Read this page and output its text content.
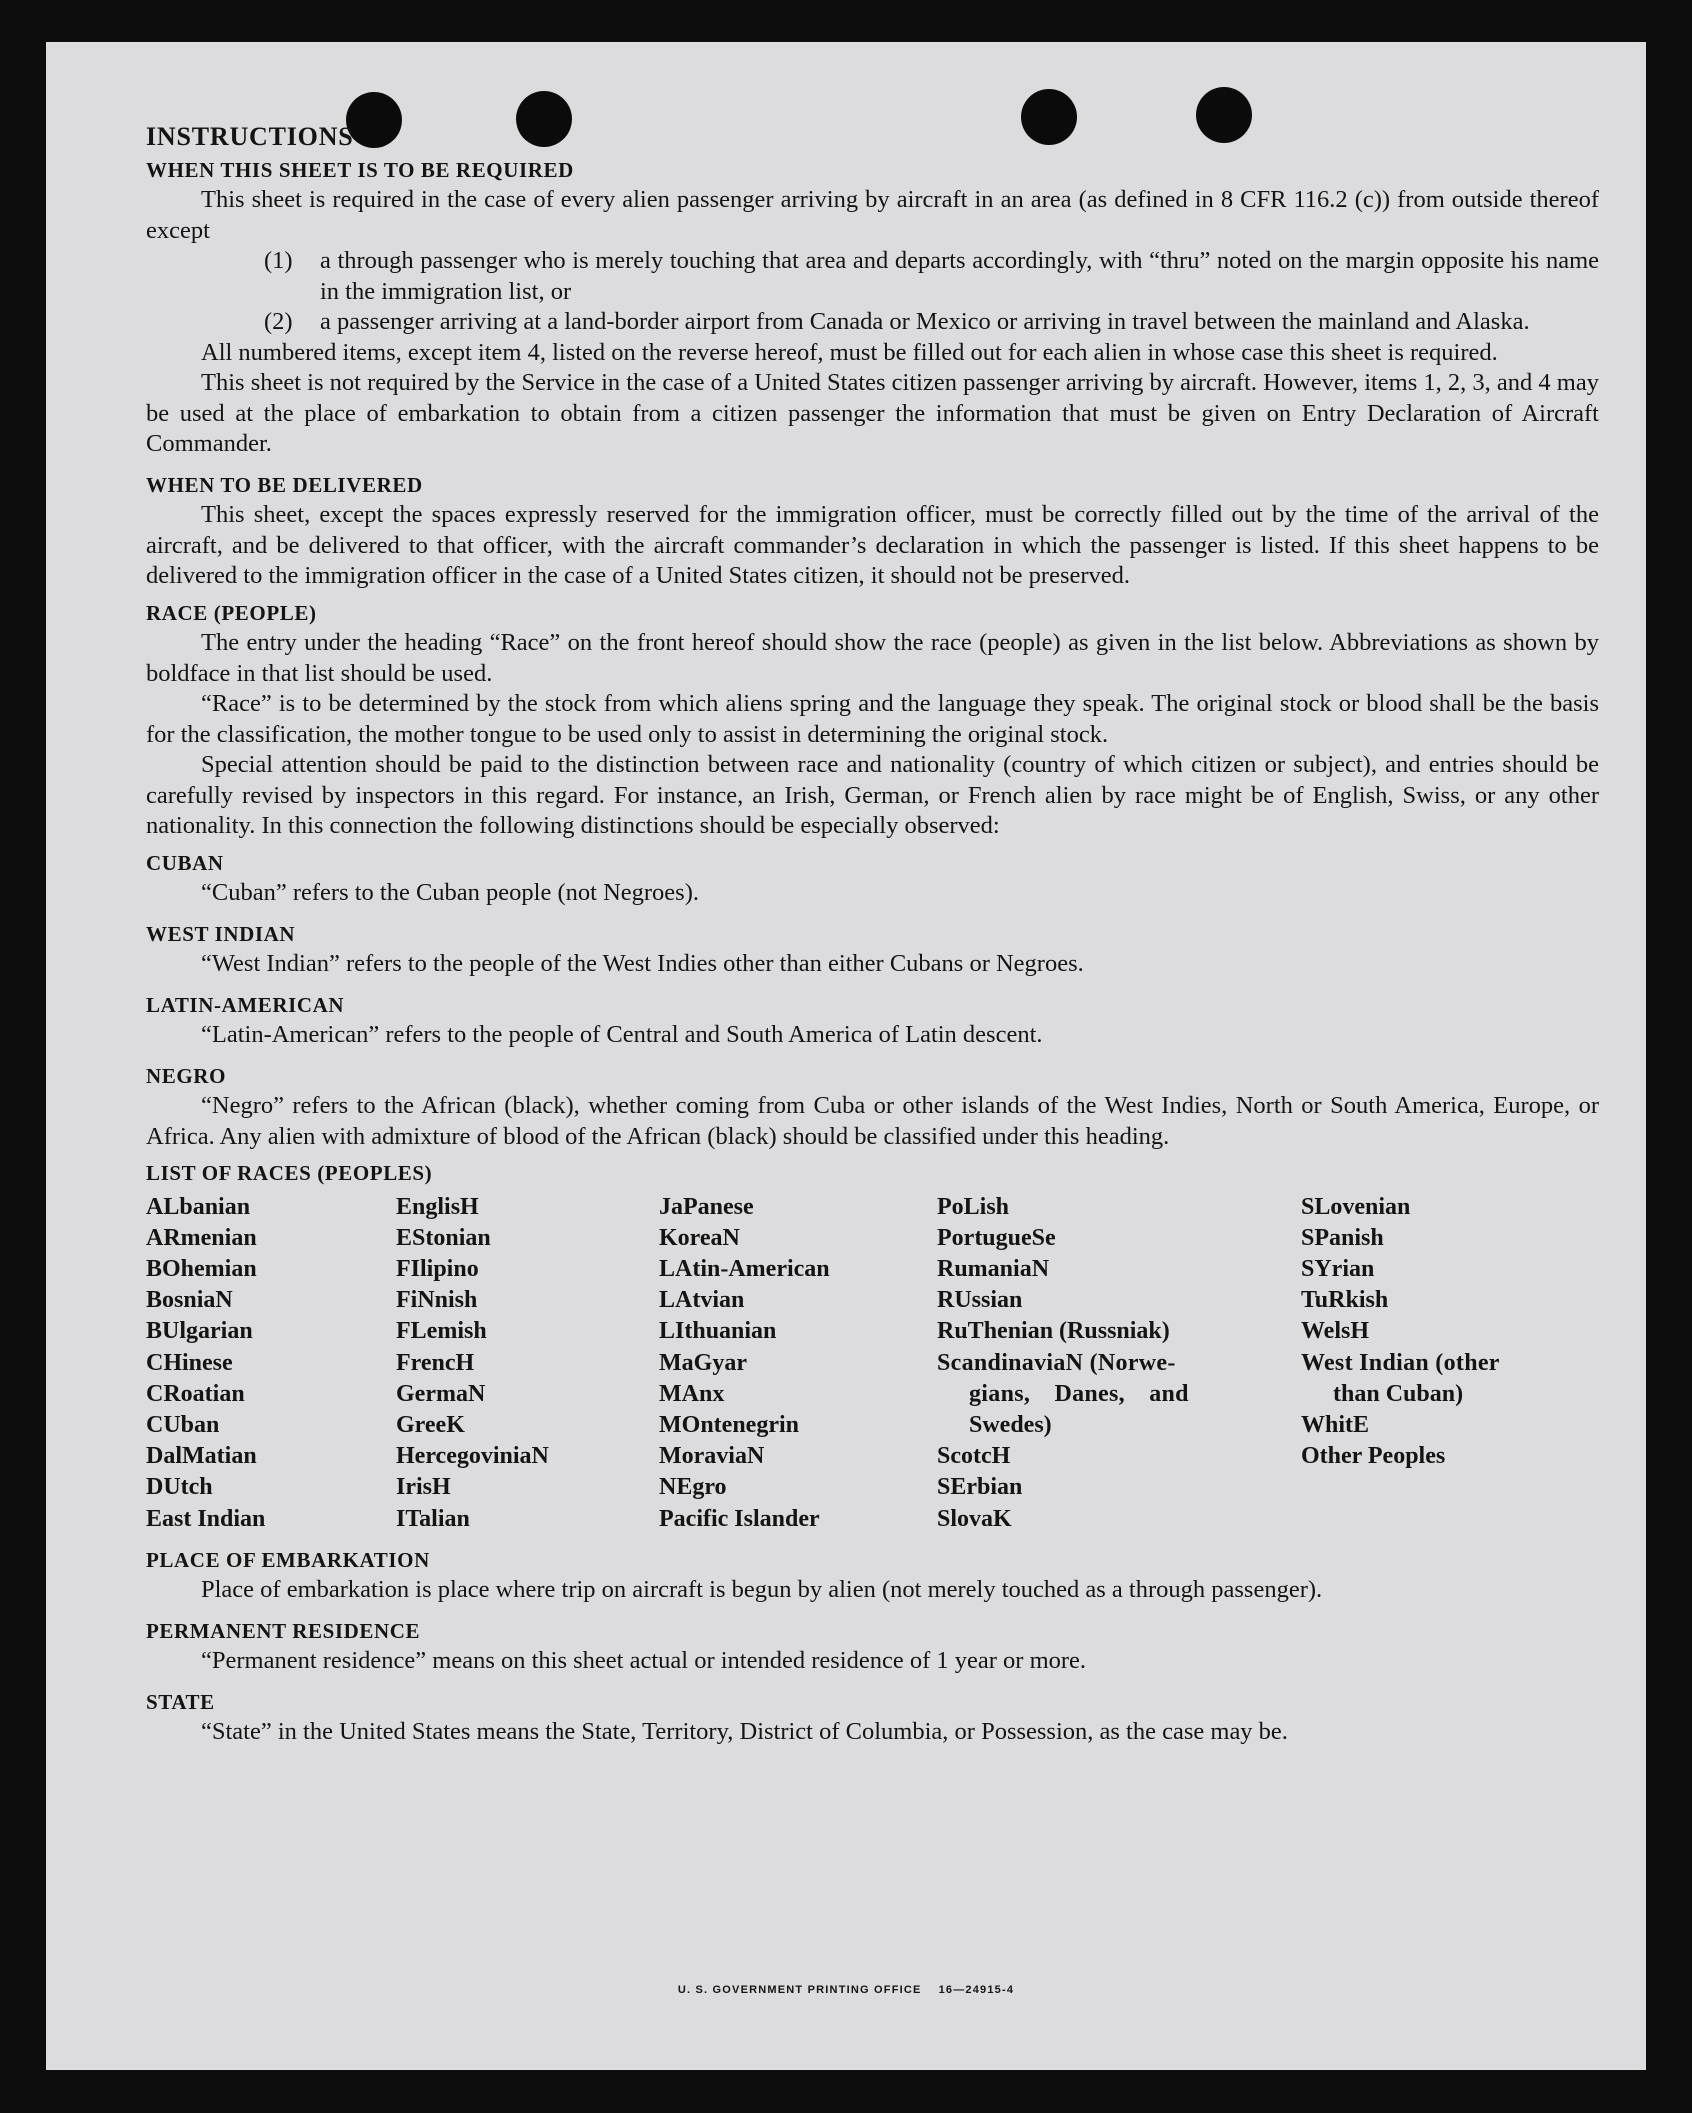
INSTRUCTIONS

WHEN THIS SHEET IS TO BE REQUIRED

This sheet is required in the case of every alien passenger arriving by aircraft in an area (as defined in 8 CFR 116.2 (c)) from outside thereof except

(1)	a through passenger who is merely touching that area and departs accordingly, with “thru” noted on the margin opposite his name in the immigration list, or
(2)	a passenger arriving at a land-border airport from Canada or Mexico or arriving in travel between the mainland and Alaska.

All numbered items, except item 4, listed on the reverse hereof, must be filled out for each alien in whose case this sheet is required.

This sheet is not required by the Service in the case of a United States citizen passenger arriving by aircraft. However, items 1, 2, 3, and 4 may be used at the place of embarkation to obtain from a citizen passenger the information that must be given on Entry Declaration of Aircraft Commander.

WHEN TO BE DELIVERED

This sheet, except the spaces expressly reserved for the immigration officer, must be correctly filled out by the time of the arrival of the aircraft, and be delivered to that officer, with the aircraft commander’s declaration in which the passenger is listed. If this sheet happens to be delivered to the immigration officer in the case of a United States citizen, it should not be preserved.

RACE (PEOPLE)

The entry under the heading “Race” on the front hereof should show the race (people) as given in the list below. Abbreviations as shown by boldface in that list should be used.

“Race” is to be determined by the stock from which aliens spring and the language they speak. The original stock or blood shall be the basis for the classification, the mother tongue to be used only to assist in determining the original stock.

Special attention should be paid to the distinction between race and nationality (country of which citizen or subject), and entries should be carefully revised by inspectors in this regard. For instance, an Irish, German, or French alien by race might be of English, Swiss, or any other nationality. In this connection the following distinctions should be especially observed:

CUBAN

“Cuban” refers to the Cuban people (not Negroes).

WEST INDIAN

“West Indian” refers to the people of the West Indies other than either Cubans or Negroes.

LATIN-AMERICAN

“Latin-American” refers to the people of Central and South America of Latin descent.

NEGRO

“Negro” refers to the African (black), whether coming from Cuba or other islands of the West Indies, North or South America, Europe, or Africa. Any alien with admixture of blood of the African (black) should be classified under this heading.

LIST OF RACES (PEOPLES)

ALbanian
ARmenian
BOhemian
BosniaN
BUlgarian
CHinese
CRoatian
CUban
DalMatian
DUtch
East Indian
EnglisH
EStonian
FIlipino
FiNnish
FLemish
FrencH
GermaN
GreeK
HercegoviniaN
IrisH
ITalian
JaPanese
KoreaN
LAtin-American
LAtvian
LIthuanian
MaGyar
MAnx
MOntenegrin
MoraviaN
NEgro
Pacific Islander
PoLish
PortugueSe
RumaniaN
RUssian
RuThenian (Russniak)
ScandinaviaN (Norwe-
gians, Danes, and
Swedes)
ScotcH
SErbian
SlovaK
SLovenian
SPanish
SYrian
TuRkish
WelsH
West Indian (other
than Cuban)
WhitE
Other Peoples

PLACE OF EMBARKATION

Place of embarkation is place where trip on aircraft is begun by alien (not merely touched as a through passenger).

PERMANENT RESIDENCE

“Permanent residence” means on this sheet actual or intended residence of 1 year or more.

STATE

“State” in the United States means the State, Territory, District of Columbia, or Possession, as the case may be.

U. S. GOVERNMENT PRINTING OFFICE    16—24915-4
